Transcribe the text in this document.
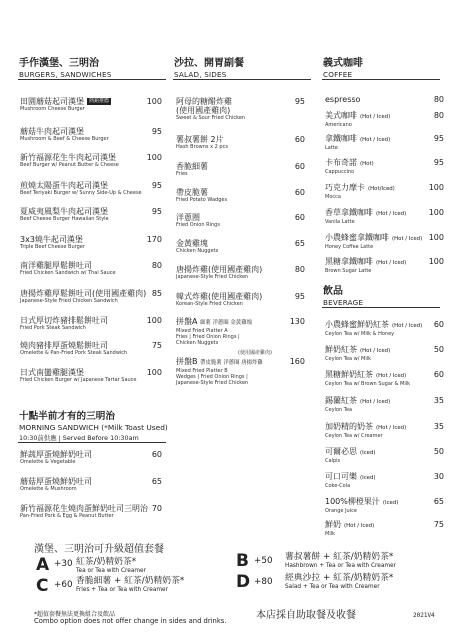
手作漢堡、三明治
BURGERS, SANDWICHES
田園蘑菇起司漢堡 熱銷推薦
Mushroom Cheese Burger
100
蘑菇牛肉起司漢堡
Mushroom & Beef & Cheese Burger
95
新竹福源花生牛肉起司漢堡
Beef Burger w/ Peanut Butter & Cheese
100
煎燒太陽蛋牛肉起司漢堡
Beef Teriyaki Burger w/ Sunny Side-Up & Cheese
95
夏威夷風梨牛肉起司漢堡
Beef Cheese Burger Hawaiian Style
95
3x3燒牛起司漢堡
Triple Beef Cheese Burger
170
南洋雞腿厚鬆餅吐司
Fried Chicken Sandwich w/ Thai Sauce
80
唐揚炸雞厚鬆餅吐司(使用國產雞肉)
Japanese-Style Fried Chicken Sandwich
85
日式厚切炸豬排鬆餅吐司
Fried Pork Steak Sandwich
100
燒肉豬排厚蛋燒鬆餅吐司
Omelette & Pan-Fried Pork Steak Sandwich
75
日式南蠻雞腿漢堡
Fried Chicken Burger w/ Japanese Tartar Sauce
100
十點半前才有的三明治
MORNING SANDWICH (*Milk Toast Used)
10:30前供應 | Served Before 10:30am
鮮蔬厚蛋燒鮮奶吐司
Omelette & Vegetable
60
蘑菇厚蛋燒鮮奶吐司
Omelette & Mushroom
65
新竹福源花生燒肉蛋鮮奶吐司三明治
Pan-Fried Pork & Egg & Peanut Butter
70
沙拉、開胃副餐
SALAD, SIDES
阿母的糖醋炸雞
(使用國產雞肉)
Sweet & Sour Fried Chicken
95
薯叔薯餅 2片
Hash Browns x 2 pcs
60
香脆細薯
Fries
60
帶皮脆薯
Fried Potato Wadges
60
洋蔥圈
Fried Onion Rings
60
金黃雞塊
Chicken Nuggets
65
唐揚炸雞(使用國產雞肉)
Japanese-Style Fried Chicken
80
韓式炸雞(使用國產雞肉)
Korean-Style Fried Chicken
95
拼盤A 細薯 洋蔥圈 金黃雞塊
Mixed Fried Platter A
Fries | Fried Onion Rings |
Chicken Nuggets
130
(使用國產雞肉)
拼盤B 帶皮脆薯 洋蔥圈 唐揚炸雞
Mixed Fried Platter B
Wedges | Fried Onion Rings |
Japanese-Style Fried Chicken
160
義式咖啡
COFFEE
espresso	80
美式咖啡 (Hot / Iced)
Americano
80
拿鐵咖啡 (Hot / Iced)
Latte
95
卡布奇諾 (Hot)
Cappuccino
95
巧克力摩卡 (Hot/Iced)
Mocca
100
香草拿鐵咖啡 (Hot / Iced)
Vanila Latte
100
小農蜂蜜拿鐵咖啡 (Hot / Iced)
Honey Coffee Latte
100
黑糖拿鐵咖啡 (Hot / Iced)
Brown Sugar Latte
100
飲品
BEVERAGE
小農蜂蜜鮮奶紅茶 (Hot / Iced)
Ceylon Tea w/ Milk & Honey
60
鮮奶紅茶 (Hot / Iced)
Ceylon Tea w/ Milk
50
黑糖鮮奶紅茶 (Hot / Iced)
Ceylon Tea w/ Brown Sugar & Milk
60
錫蘭紅茶 (Hot / Iced)
Ceylon Tea
35
加奶精的奶茶 (Hot / Iced)
Ceylon Tea w/ Creamer
35
可爾必思 (Iced)
Calpis
50
可口可樂 (Iced)
Coke-Cola
30
100%柳橙果汁 (Iced)
Orange Juice
65
鮮奶 (Hot / Iced)
Milk
75
漢堡、三明治可升級超值套餐
A +30 紅茶/奶精奶茶*
Tea or Tea with Creamer
C +60 香脆細薯 + 紅茶/奶精奶茶*
Fries + Tea or Tea with Creamer
B +50 薯叔薯餅 + 紅茶/奶精奶茶*
Hashbrown + Tea or Tea with Creamer
D +80 經典沙拉 + 紅茶/奶精奶茶*
Salad + Tea or Tea with Creamer
*超值套餐無法更換組合及飲品
Combo option does not offer change in sides and drinks.	本店採自助取餐及收餐	2021V4
